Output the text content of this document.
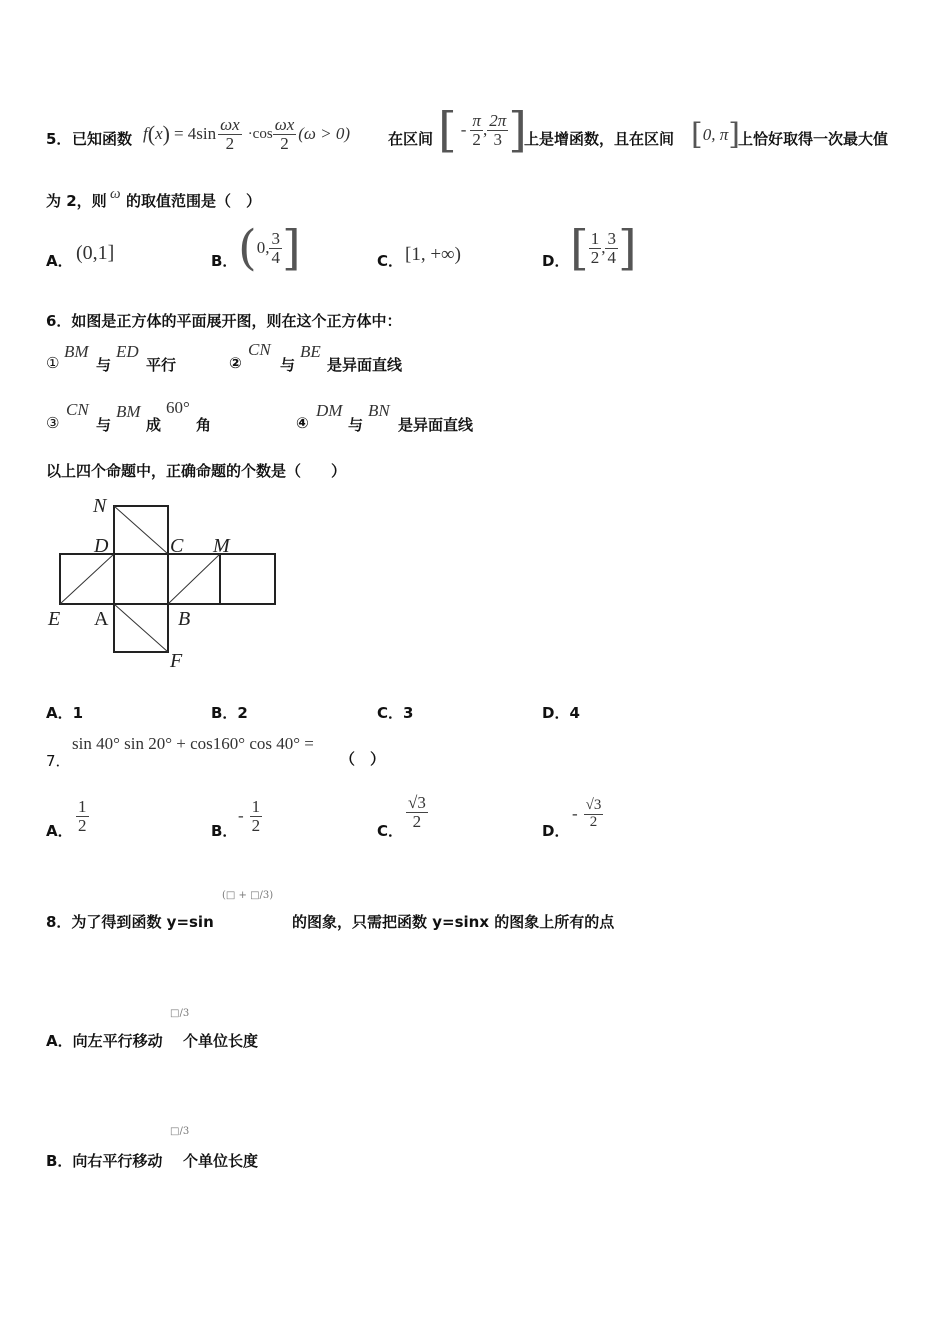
5． 已知函数 f ( x ) = $4\sin \frac{\omega x}{2} \cdot\cos \frac{\omega x}{2} (\omega > 0)$	在区间 [ - $\frac{\pi}{2}$ , $\frac{2\pi}{3}$ ]
上是增函数，且在区间 [ 0, π ]
上恰好取得一次最大值
为 2，则 ω 的取值范围是（　）
A． (0,1]	B． ( 0, $\frac{3}{4}$ ]	C． [1, +∞)	D． [ $\frac{1}{2}$ , $\frac{3}{4}$ ]
6．如图是正方体的平面展开图，则在这个正方体中：
①
BM
与
ED
平行	②
CN
与
BE
是异面直线
③
CN
与
BM
成
60°
角	④
DM
与
BN
是异面直线
以上四个命题中，正确命题的个数是（　　）
N
D	C M
E A	B
F
A．1	B．2	C．3	D．4
7．
sin 40° sin 20° + cos160° cos 40° =
（　）
A． $\frac{1}{2}$	B．
- $\frac{1}{2}$	C．
$\frac{√3}{2}$
D．
- $\frac{√3}{2}$
8．为了得到函数 y=sin
(□ + □/3)
的图象，只需把函数 y=sinx 的图象上所有的点
A．向左平行移动
□/3
个单位长度
B．向右平行移动
□/3
个单位长度
